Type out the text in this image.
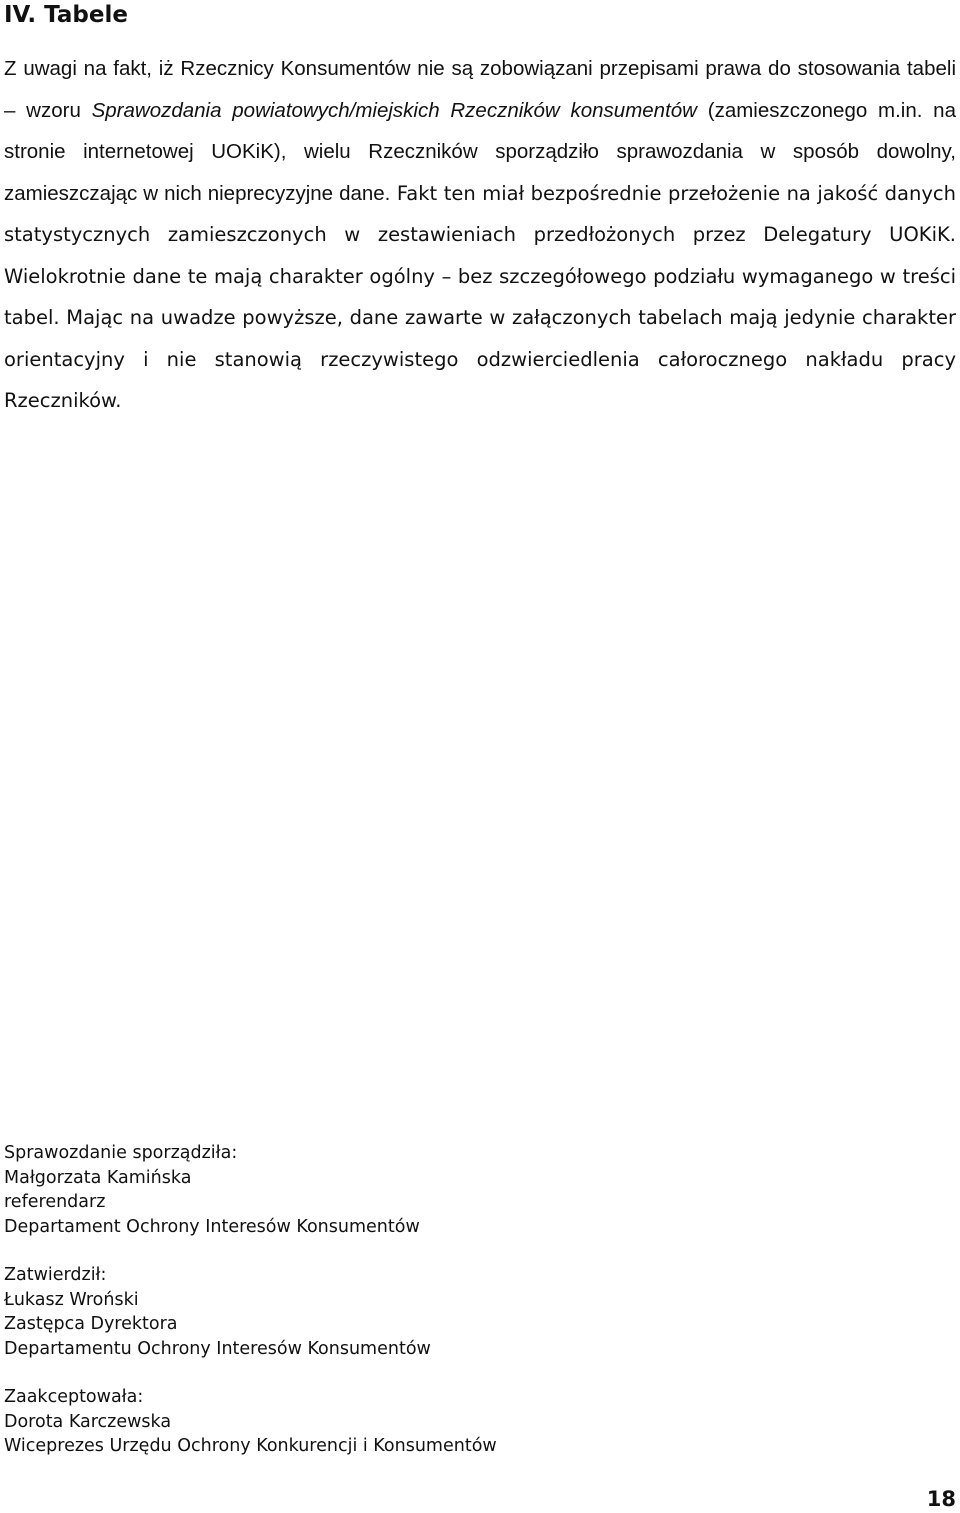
IV. Tabele

Z uwagi na fakt, iż Rzecznicy Konsumentów nie są zobowiązani przepisami prawa do stosowania tabeli – wzoru Sprawozdania powiatowych/miejskich Rzeczników konsumentów (zamieszczonego m.in. na stronie internetowej UOKiK), wielu Rzeczników sporządziło sprawozdania w sposób dowolny, zamieszczając w nich nieprecyzyjne dane. Fakt ten miał bezpośrednie przełożenie na jakość danych statystycznych zamieszczonych w zestawieniach przedłożonych przez Delegatury UOKiK. Wielokrotnie dane te mają charakter ogólny – bez szczegółowego podziału wymaganego w treści tabel. Mając na uwadze powyższe, dane zawarte w załączonych tabelach mają jedynie charakter orientacyjny i nie stanowią rzeczywistego odzwierciedlenia całorocznego nakładu pracy Rzeczników.

Sprawozdanie sporządziła:
Małgorzata Kamińska
referendarz
Departament Ochrony Interesów Konsumentów
Zatwierdził:
Łukasz Wroński
Zastępca Dyrektora
Departamentu Ochrony Interesów Konsumentów
Zaakceptowała:
Dorota Karczewska
Wiceprezes Urzędu Ochrony Konkurencji i Konsumentów
18
